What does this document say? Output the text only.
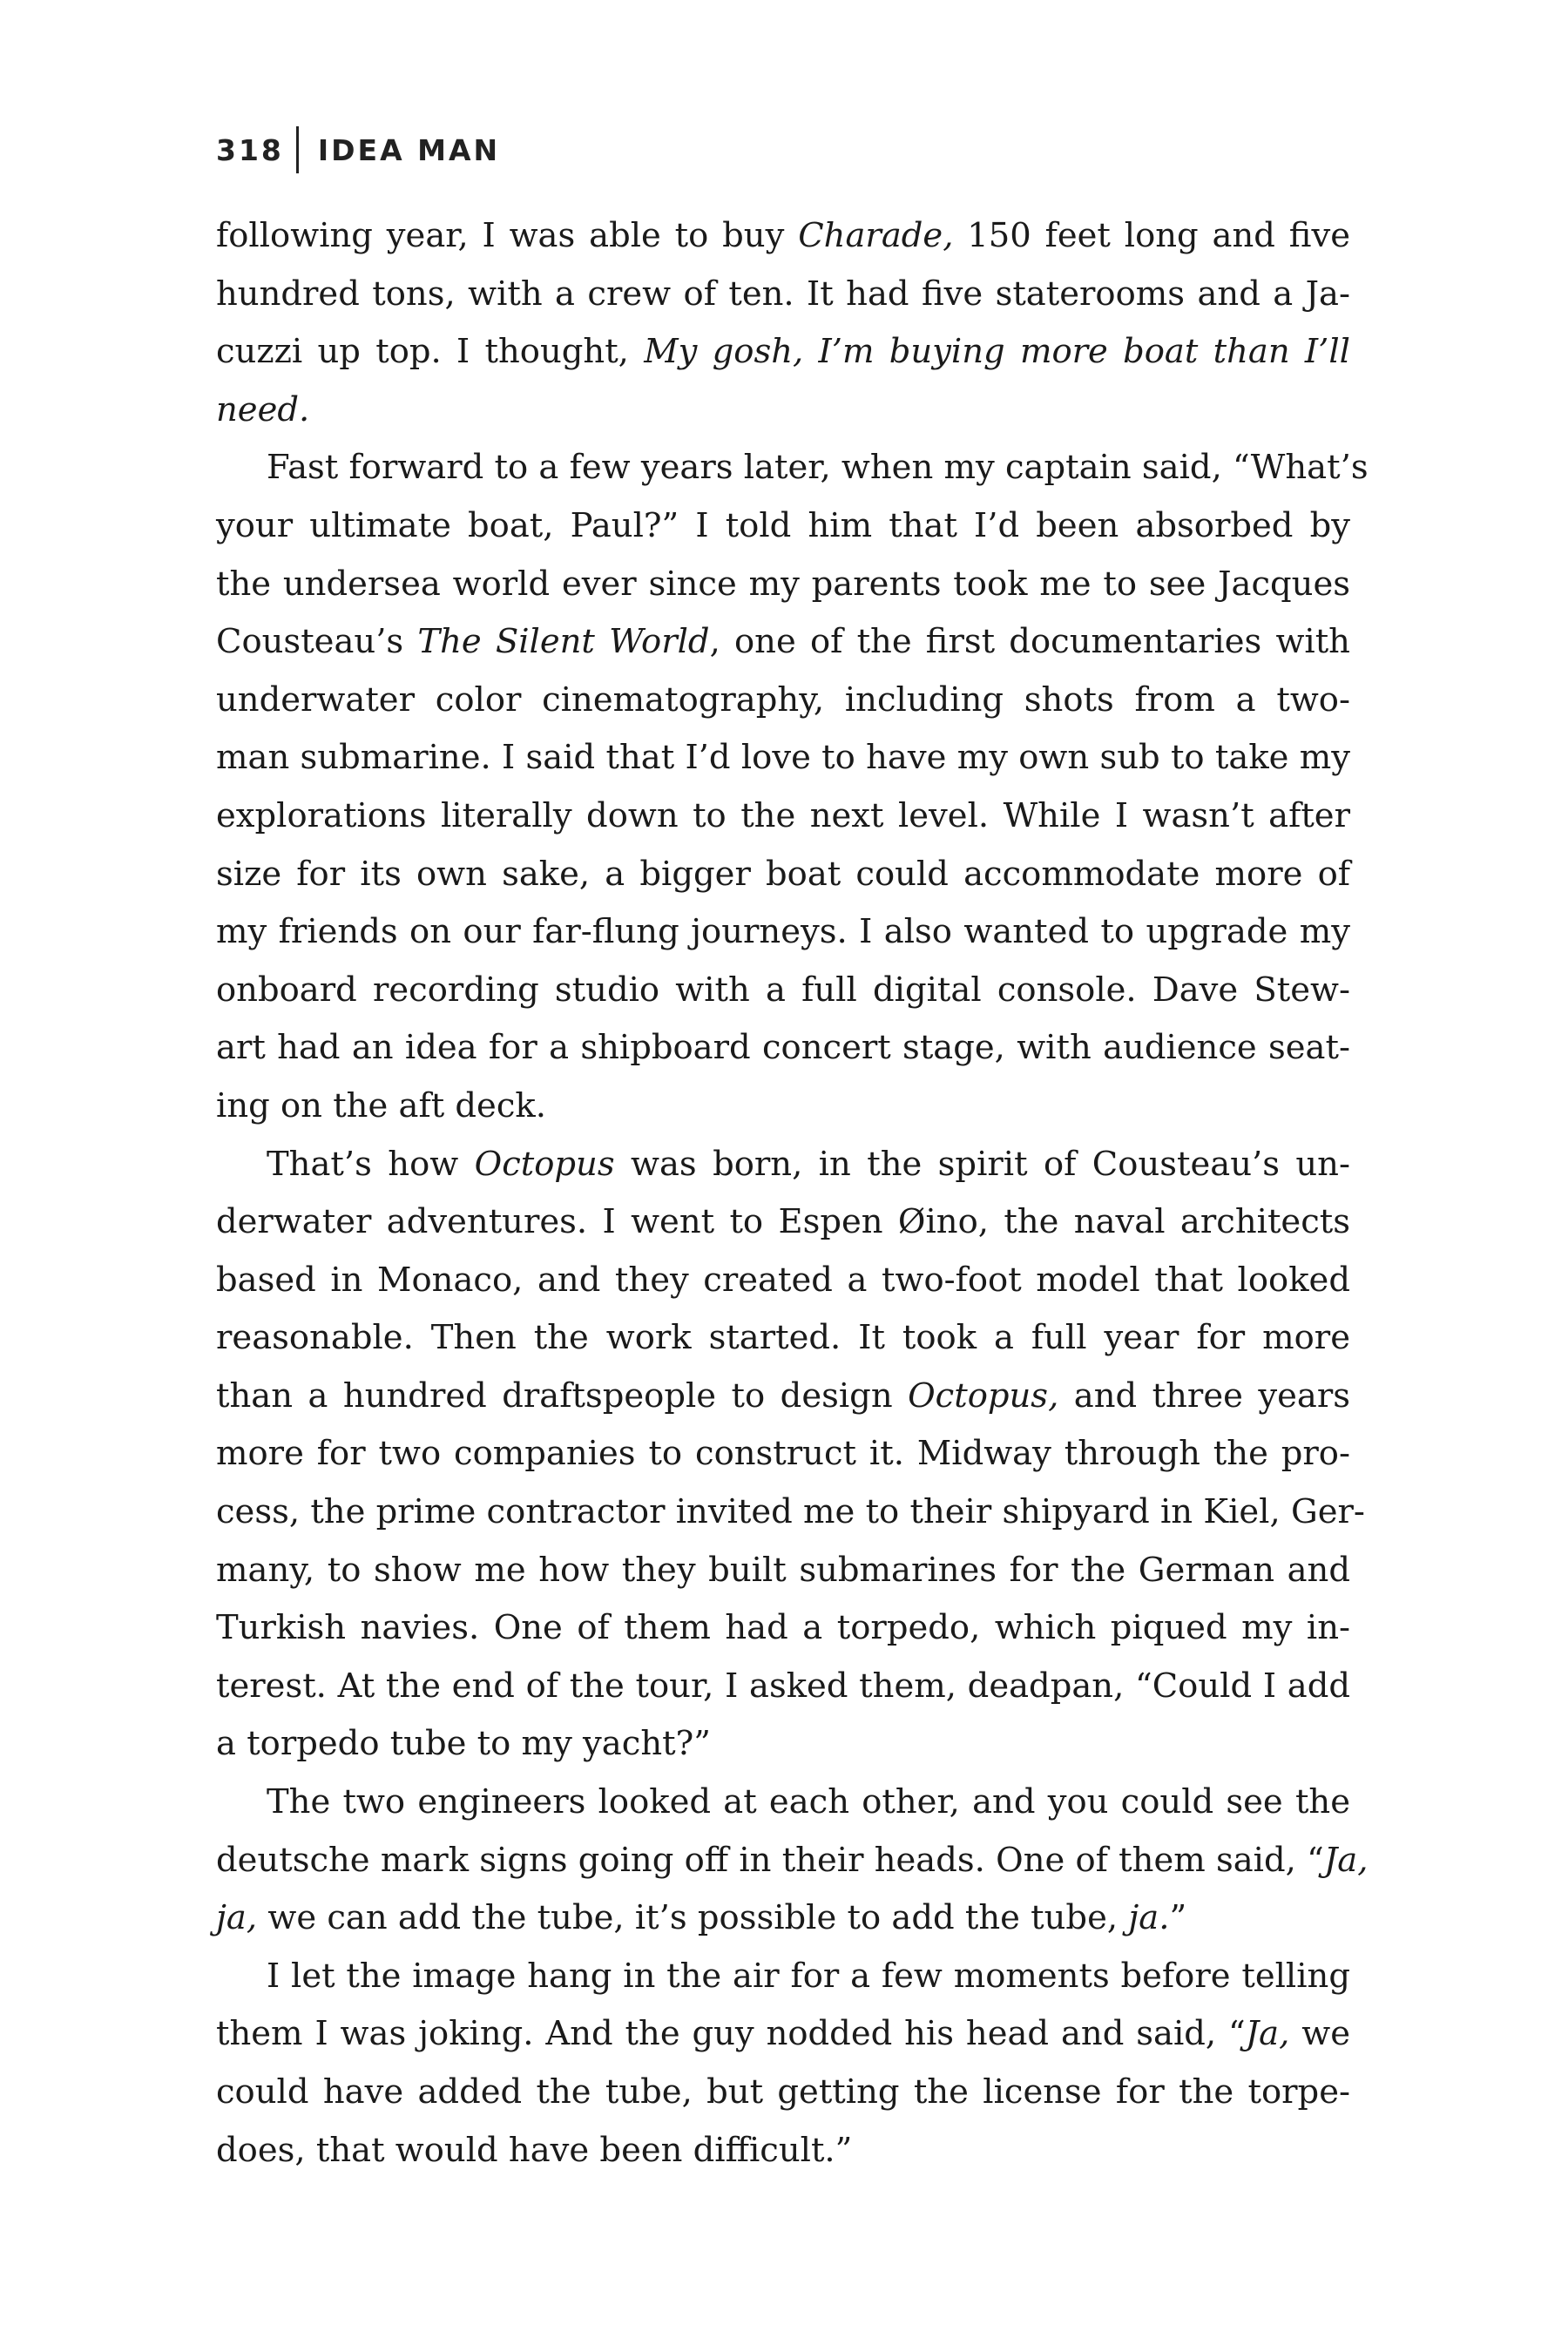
318 IDEA MAN
following year, I was able to buy Charade, 150 feet long and five
hundred tons, with a crew of ten. It had five staterooms and a Ja-
cuzzi up top. I thought, My gosh, I’m buying more boat than I’ll
need.
Fast forward to a few years later, when my captain said, “What’s
your ultimate boat, Paul?” I told him that I’d been absorbed by
the undersea world ever since my parents took me to see Jacques
Cousteau’s The Silent World, one of the first documentaries with
underwater color cinematography, including shots from a two-
man submarine. I said that I’d love to have my own sub to take my
explorations literally down to the next level. While I wasn’t after
size for its own sake, a bigger boat could accommodate more of
my friends on our far-flung journeys. I also wanted to upgrade my
onboard recording studio with a full digital console. Dave Stew-
art had an idea for a shipboard concert stage, with audience seat-
ing on the aft deck.
That’s how Octopus was born, in the spirit of Cousteau’s un-
derwater adventures. I went to Espen Øino, the naval architects
based in Monaco, and they created a two-foot model that looked
reasonable. Then the work started. It took a full year for more
than a hundred draftspeople to design Octopus, and three years
more for two companies to construct it. Midway through the pro-
cess, the prime contractor invited me to their shipyard in Kiel, Ger-
many, to show me how they built submarines for the German and
Turkish navies. One of them had a torpedo, which piqued my in-
terest. At the end of the tour, I asked them, deadpan, “Could I add
a torpedo tube to my yacht?”
The two engineers looked at each other, and you could see the
deutsche mark signs going off in their heads. One of them said, “Ja,
ja, we can add the tube, it’s possible to add the tube, ja.”
I let the image hang in the air for a few moments before telling
them I was joking. And the guy nodded his head and said, “Ja, we
could have added the tube, but getting the license for the torpe-
does, that would have been difficult.”
